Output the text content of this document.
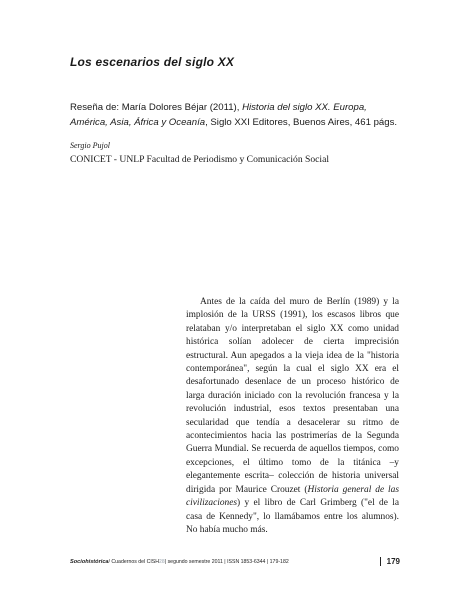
Los escenarios del siglo XX
Reseña de: María Dolores Béjar (2011), Historia del siglo XX. Europa, América, Asia, África y Oceanía, Siglo XXI Editores, Buenos Aires, 461 págs.
Sergio Pujol
CONICET - UNLP Facultad de Periodismo y Comunicación Social
Antes de la caída del muro de Berlín (1989) y la implosión de la URSS (1991), los escasos libros que relataban y/o interpretaban el siglo XX como unidad histórica solían adolecer de cierta imprecisión estructural. Aun apegados a la vieja idea de la "historia contemporánea", según la cual el siglo XX era el desafortunado desenlace de un proceso histórico de larga duración iniciado con la revolución francesa y la revolución industrial, esos textos presentaban una secularidad que tendía a desacelerar su ritmo de acontecimientos hacia las postrimerías de la Segunda Guerra Mundial. Se recuerda de aquellos tiempos, como excepciones, el último tomo de la titánica –y elegantemente escrita– colección de historia universal dirigida por Maurice Crouzet (Historia general de las civilizaciones) y el libro de Carl Grimberg ("el de la casa de Kennedy", lo llamábamos entre los alumnos). No había mucho más.
Sociohistórica / Cuadernos del CISH 28 | segundo semestre 2011 | ISSN 1853-6344 | 179-182	179
